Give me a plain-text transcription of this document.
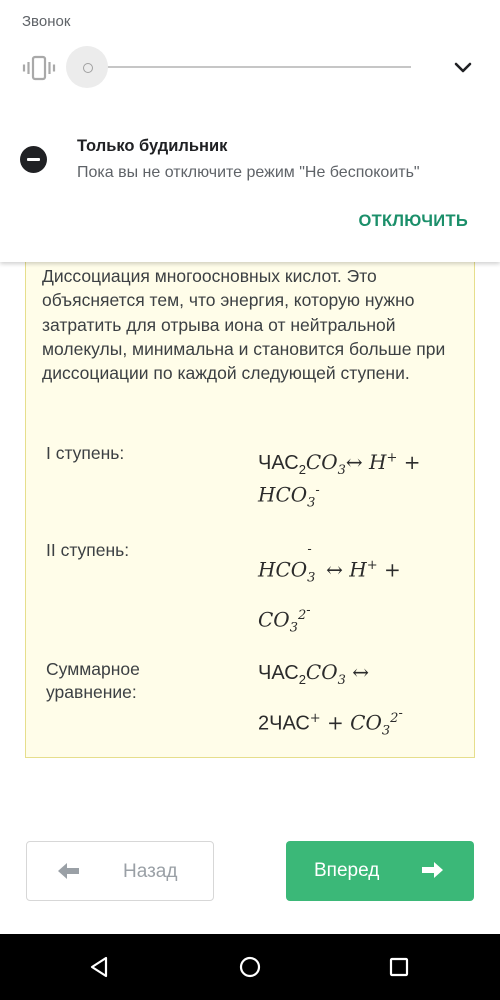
Звонок
Только будильник
Пока вы не отключите режим "Не беспокоить"
ОТКЛЮЧИТЬ
Диссоциация многоосновных кислот. Это объясняется тем, что энергия, которую нужно затратить для отрыва иона от нейтральной молекулы, минимальна и становится больше при диссоциации по каждой следующей ступени.
I ступень:	$ЧАС_2CO_3\leftrightarrow$ H+ +
$HCO_3^-$
II ступень:
$HCO_3^-$ ↔ H+ +
$CO_3^{2-}$
Суммарное уравнение:
$ЧАС_2CO_3$ ↔
$2ЧАС^+ + CO_3^{2-}$
Назад	Вперед
